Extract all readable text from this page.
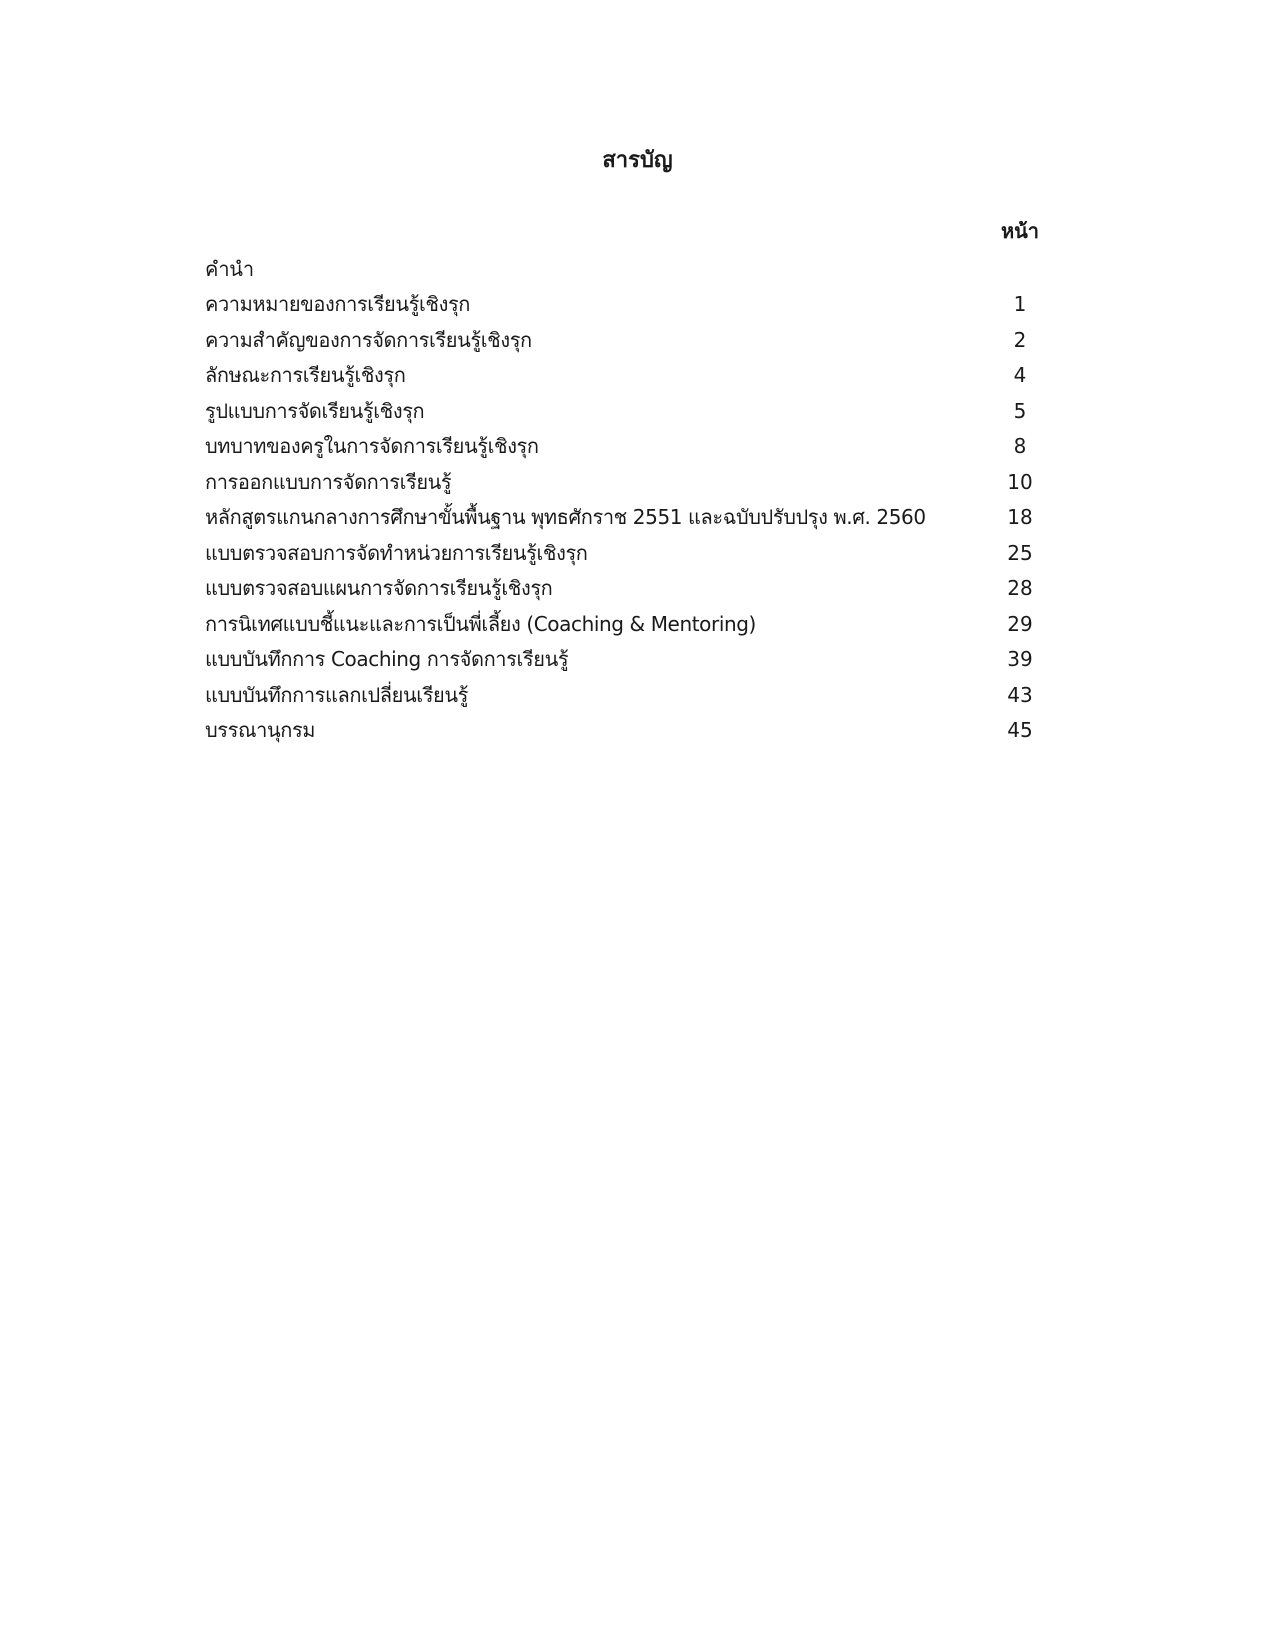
สารบัญ
หน้า
คำนำ
ความหมายของการเรียนรู้เชิงรุก	1
ความสำคัญของการจัดการเรียนรู้เชิงรุก	2
ลักษณะการเรียนรู้เชิงรุก	4
รูปแบบการจัดเรียนรู้เชิงรุก	5
บทบาทของครูในการจัดการเรียนรู้เชิงรุก	8
การออกแบบการจัดการเรียนรู้	10
หลักสูตรแกนกลางการศึกษาขั้นพื้นฐาน พุทธศักราช 2551 และฉบับปรับปรุง พ.ศ. 2560	18
แบบตรวจสอบการจัดทำหน่วยการเรียนรู้เชิงรุก	25
แบบตรวจสอบแผนการจัดการเรียนรู้เชิงรุก	28
การนิเทศแบบชี้แนะและการเป็นพี่เลี้ยง (Coaching & Mentoring)	29
แบบบันทึกการ Coaching การจัดการเรียนรู้	39
แบบบันทึกการแลกเปลี่ยนเรียนรู้	43
บรรณานุกรม	45
